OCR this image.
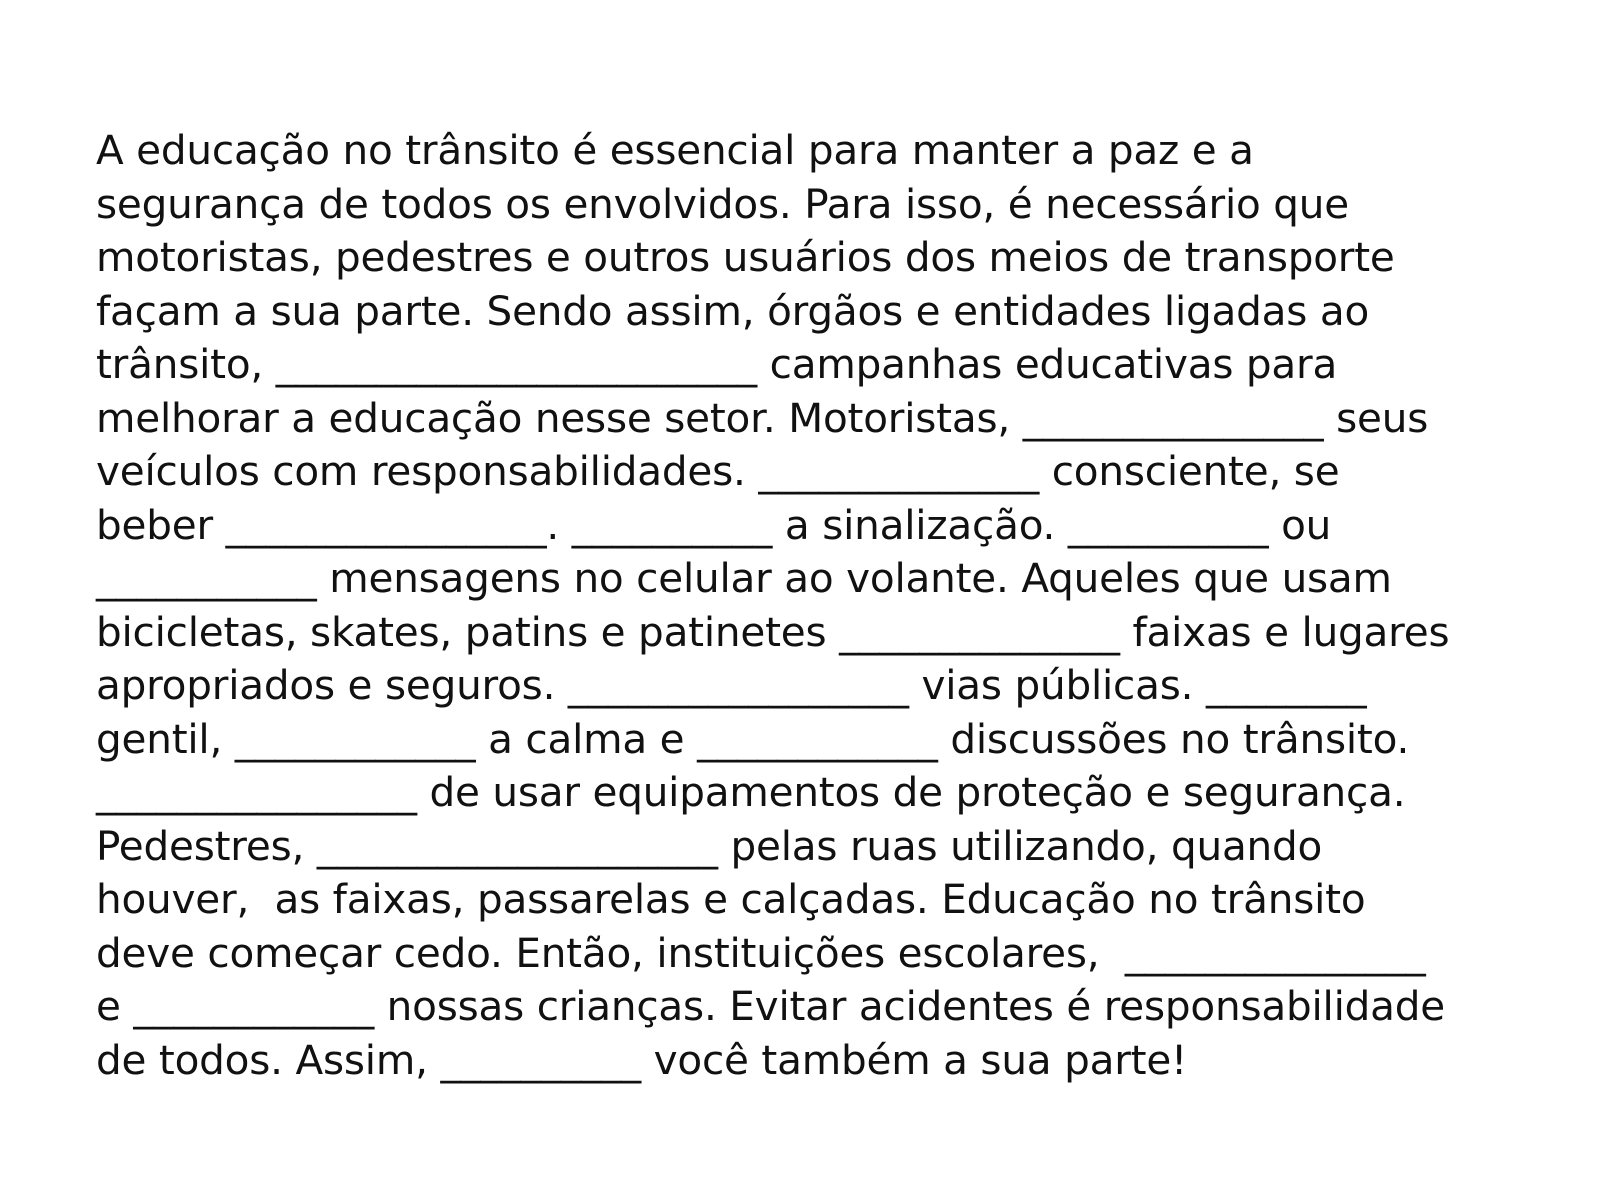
A educação no trânsito é essencial para manter a paz e a
segurança de todos os envolvidos. Para isso, é necessário que
motoristas, pedestres e outros usuários dos meios de transporte
façam a sua parte. Sendo assim, órgãos e entidades ligadas ao
trânsito, ________________________ campanhas educativas para
melhorar a educação nesse setor. Motoristas, _______________ seus
veículos com responsabilidades. ______________ consciente, se
beber ________________. __________ a sinalização. __________ ou
___________ mensagens no celular ao volante. Aqueles que usam
bicicletas, skates, patins e patinetes ______________ faixas e lugares
apropriados e seguros. _________________ vias públicas. ________
gentil, ____________ a calma e ____________ discussões no trânsito.
________________ de usar equipamentos de proteção e segurança.
Pedestres, ____________________ pelas ruas utilizando, quando
houver,  as faixas, passarelas e calçadas. Educação no trânsito
deve começar cedo. Então, instituições escolares,  _______________
e ____________ nossas crianças. Evitar acidentes é responsabilidade
de todos. Assim, __________ você também a sua parte!
